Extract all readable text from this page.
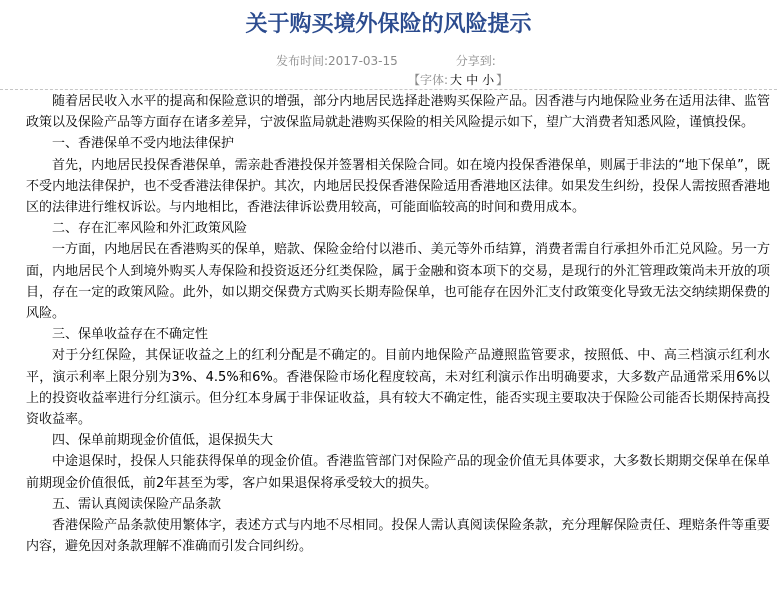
关于购买境外保险的风险提示
发布时间:2017-03-15	分享到:
【字体: 大 中 小 】

随着居民收入水平的提高和保险意识的增强，部分内地居民选择赴港购买保险产品。因香港与内地保险业务在适用法律、监管政策以及保险产品等方面存在诸多差异，宁波保监局就赴港购买保险的相关风险提示如下，望广大消费者知悉风险，谨慎投保。

一、香港保单不受内地法律保护

首先，内地居民投保香港保单，需亲赴香港投保并签署相关保险合同。如在境内投保香港保单，则属于非法的“地下保单”，既不受内地法律保护，也不受香港法律保护。其次，内地居民投保香港保险适用香港地区法律。如果发生纠纷，投保人需按照香港地区的法律进行维权诉讼。与内地相比，香港法律诉讼费用较高，可能面临较高的时间和费用成本。

二、存在汇率风险和外汇政策风险

一方面，内地居民在香港购买的保单，赔款、保险金给付以港币、美元等外币结算，消费者需自行承担外币汇兑风险。另一方面，内地居民个人到境外购买人寿保险和投资返还分红类保险，属于金融和资本项下的交易，是现行的外汇管理政策尚未开放的项目，存在一定的政策风险。此外，如以期交保费方式购买长期寿险保单，也可能存在因外汇支付政策变化导致无法交纳续期保费的风险。

三、保单收益存在不确定性

对于分红保险，其保证收益之上的红利分配是不确定的。目前内地保险产品遵照监管要求，按照低、中、高三档演示红利水平，演示利率上限分别为3%、4.5%和6%。香港保险市场化程度较高，未对红利演示作出明确要求，大多数产品通常采用6%以上的投资收益率进行分红演示。但分红本身属于非保证收益，具有较大不确定性，能否实现主要取决于保险公司能否长期保持高投资收益率。

四、保单前期现金价值低，退保损失大

中途退保时，投保人只能获得保单的现金价值。香港监管部门对保险产品的现金价值无具体要求，大多数长期期交保单在保单前期现金价值很低，前2年甚至为零，客户如果退保将承受较大的损失。

五、需认真阅读保险产品条款

香港保险产品条款使用繁体字，表述方式与内地不尽相同。投保人需认真阅读保险条款，充分理解保险责任、理赔条件等重要内容，避免因对条款理解不准确而引发合同纠纷。
